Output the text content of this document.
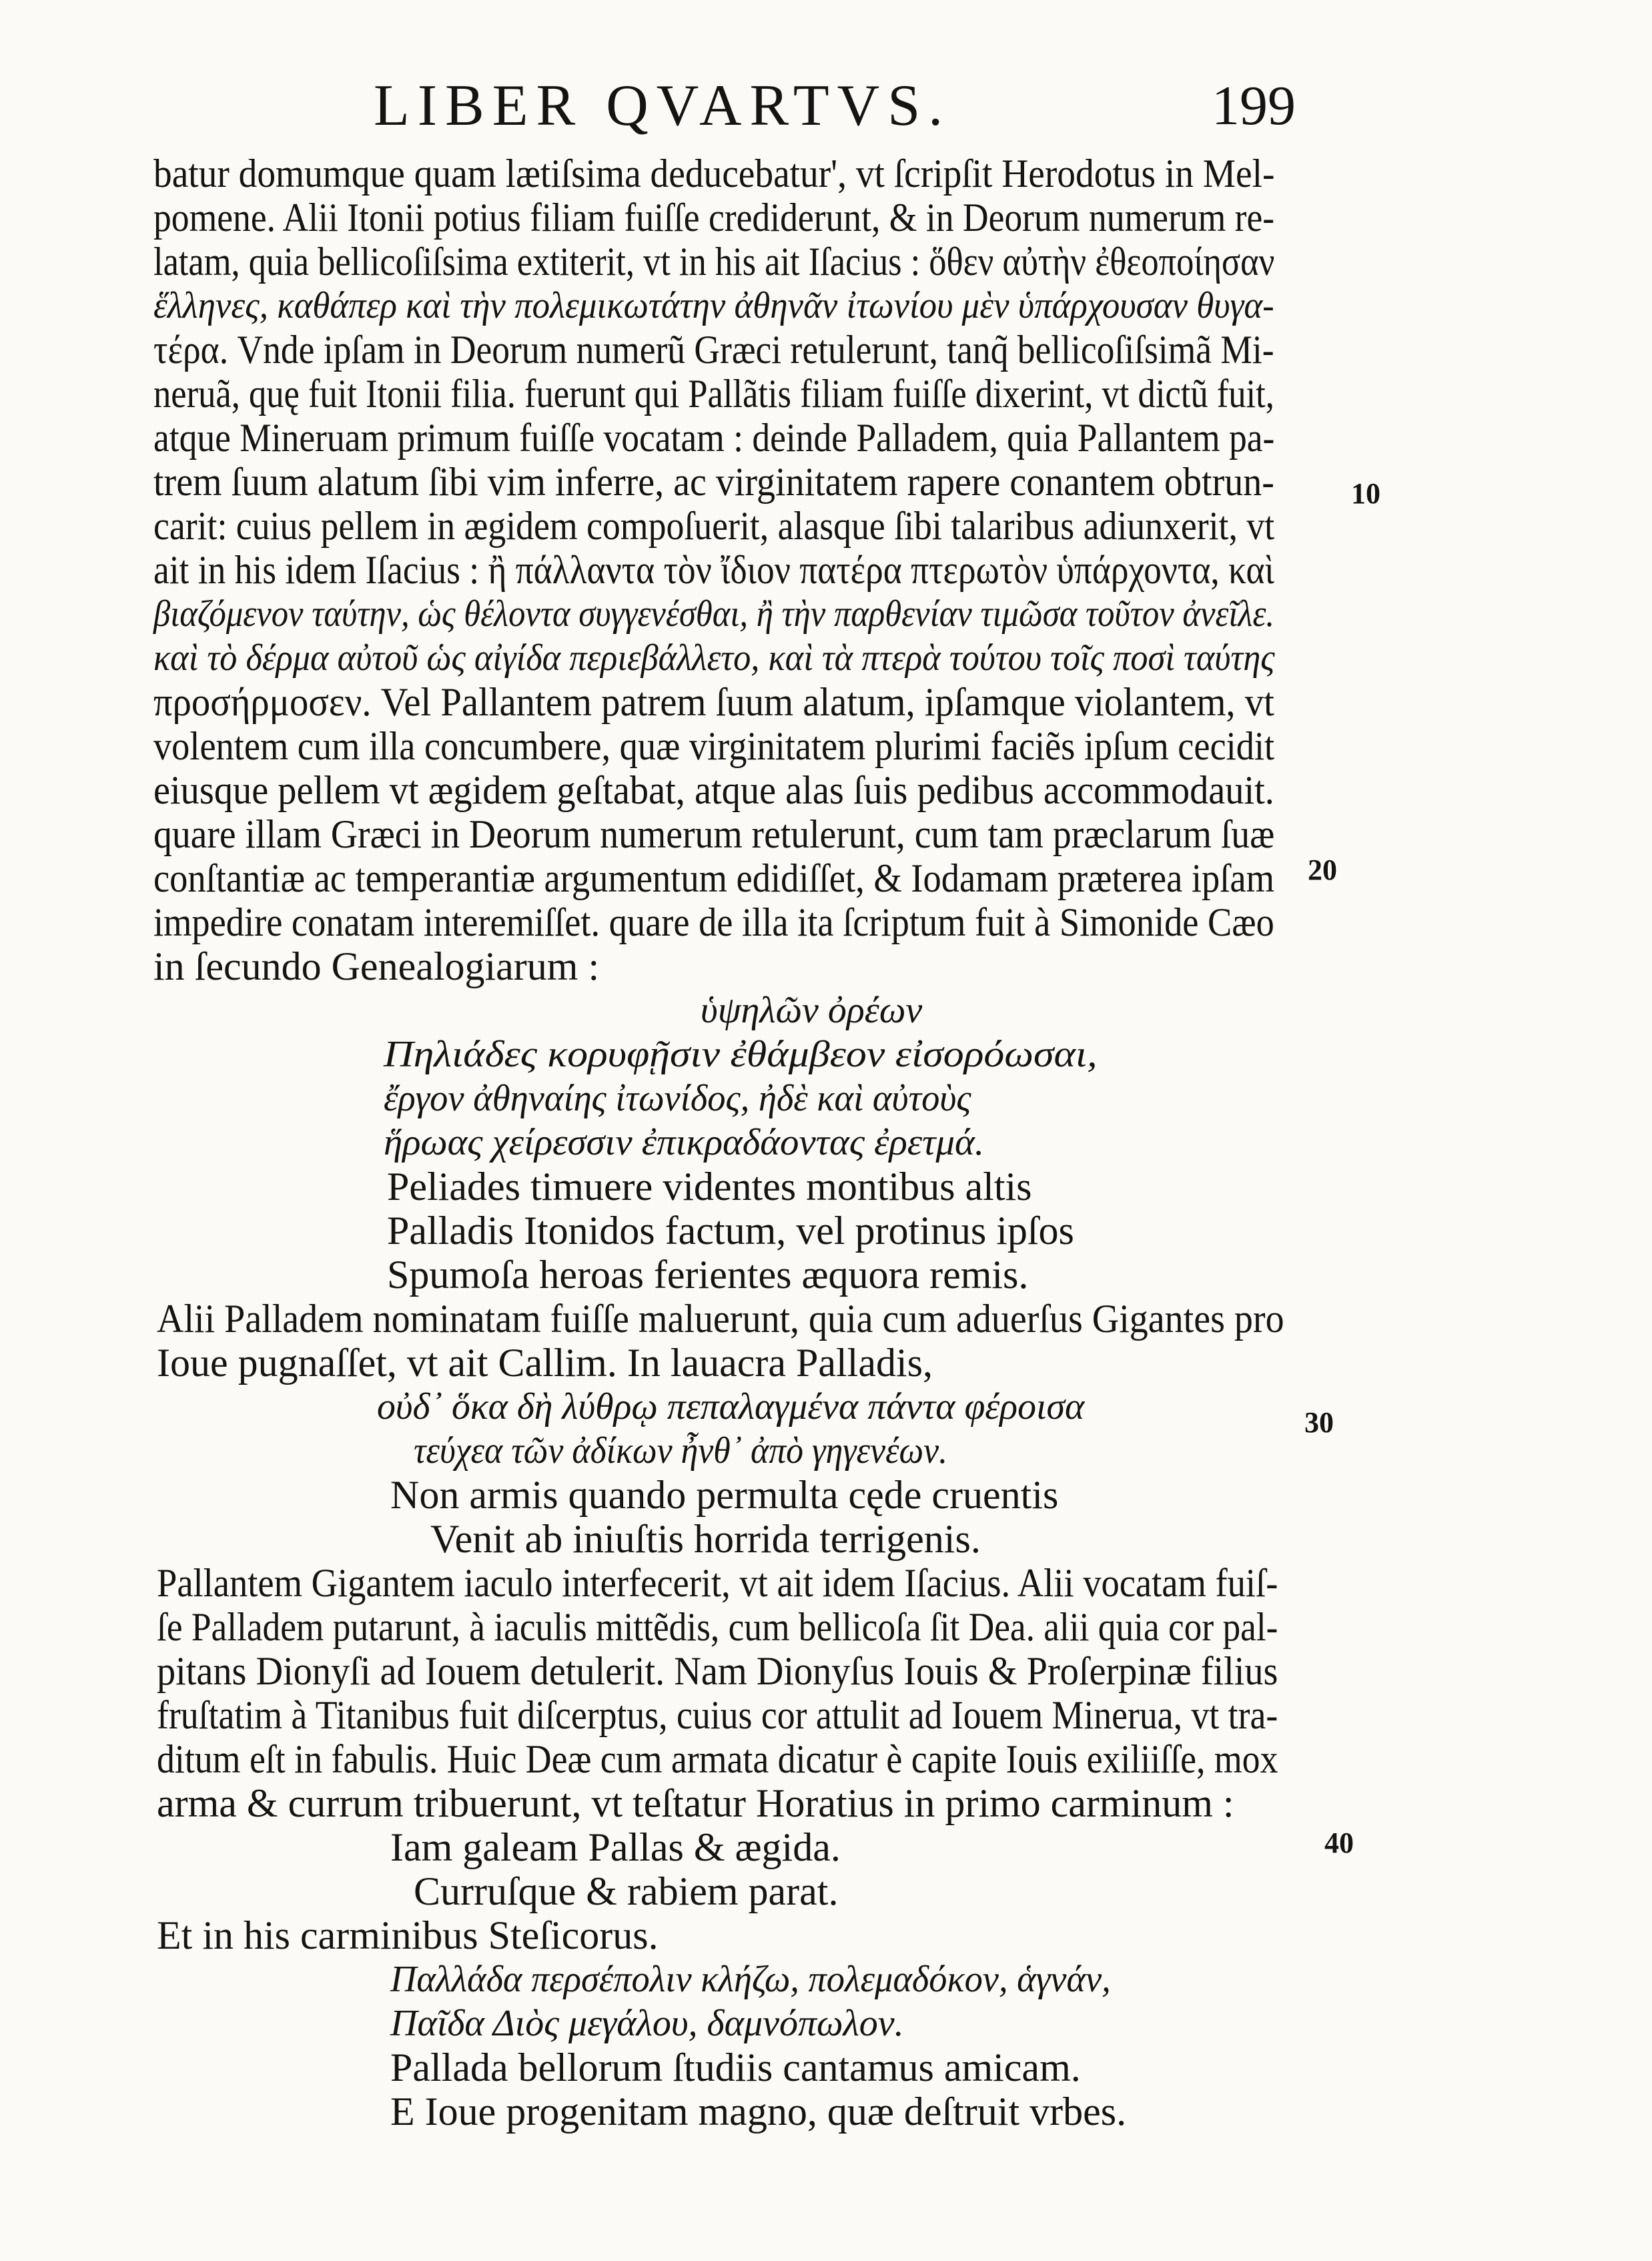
LIBER QVARTVS.	199
batur domumque quam lætiſsima deducebatur', vt ſcripſit Herodotus in Mel-
pomene. Alii Itonii potius filiam fuiſſe crediderunt, & in Deorum numerum re-
latam, quia bellicoſiſsima extiterit, vt in his ait Iſacius : ὅθεν αὐτὴν ἐθεοποίησαν
ἕλληνες, καθάπερ καὶ τὴν πολεμικωτάτην ἀθηνᾶν ἰτωνίου μὲν ὑπάρχουσαν θυγα-
τέρα. Vnde ipſam in Deorum numerũ Græci retulerunt, tanq̃ bellicoſiſsimã Mi-
neruã, quę fuit Itonii filia. fuerunt qui Pallãtis filiam fuiſſe dixerint, vt dictũ fuit,
atque Mineruam primum fuiſſe vocatam : deinde Palladem, quia Pallantem pa-
trem ſuum alatum ſibi vim inferre, ac virginitatem rapere conantem obtrun-
carit: cuius pellem in ægidem compoſuerit, alasque ſibi talaribus adiunxerit, vt
ait in his idem Iſacius : ἢ πάλλαντα τὸν ἴδιον πατέρα πτερωτὸν ὑπάρχοντα, καὶ
βιαζόμενον ταύτην, ὡς θέλοντα συγγενέσθαι, ἢ τὴν παρθενίαν τιμῶσα τοῦτον ἀνεῖλε.
καὶ τὸ δέρμα αὐτοῦ ὡς αἰγίδα περιεβάλλετο, καὶ τὰ πτερὰ τούτου τοῖς ποσὶ ταύτης
προσήρμοσεν. Vel Pallantem patrem ſuum alatum, ipſamque violantem, vt
volentem cum illa concumbere, quæ virginitatem plurimi faciẽs ipſum cecidit
eiusque pellem vt ægidem geſtabat, atque alas ſuis pedibus accommodauit.
quare illam Græci in Deorum numerum retulerunt, cum tam præclarum ſuæ
conſtantiæ ac temperantiæ argumentum edidiſſet, & Iodamam præterea ipſam
impedire conatam interemiſſet. quare de illa ita ſcriptum fuit à Simonide Cæo
in ſecundo Genealogiarum :
ὑψηλῶν ὀρέων
Πηλιάδες κορυφῇσιν ἐθάμβεον εἰσορόωσαι,
ἔργον ἀθηναίης ἰτωνίδος, ἠδὲ καὶ αὐτοὺς
ἥρωας χείρεσσιν ἐπικραδάοντας ἐρετμά.
Peliades timuere videntes montibus altis
Palladis Itonidos factum, vel protinus ipſos
Spumoſa heroas ferientes æquora remis.
Alii Palladem nominatam fuiſſe maluerunt, quia cum aduerſus Gigantes pro
Ioue pugnaſſet, vt ait Callim. In lauacra Palladis,
οὐδ᾽ ὅκα δὴ λύθρῳ πεπαλαγμένα πάντα φέροισα
τεύχεα τῶν ἀδίκων ἦνθ᾽ ἀπὸ γηγενέων.
Non armis quando permulta cęde cruentis
Venit ab iniuſtis horrida terrigenis.
Pallantem Gigantem iaculo interfecerit, vt ait idem Iſacius. Alii vocatam fuiſ-
ſe Palladem putarunt, à iaculis mittẽdis, cum bellicoſa ſit Dea. alii quia cor pal-
pitans Dionyſi ad Iouem detulerit. Nam Dionyſus Iouis & Proſerpinæ filius
fruſtatim à Titanibus fuit diſcerptus, cuius cor attulit ad Iouem Minerua, vt tra-
ditum eſt in fabulis. Huic Deæ cum armata dicatur è capite Iouis exiliiſſe, mox
arma & currum tribuerunt, vt teſtatur Horatius in primo carminum :
Iam galeam Pallas & ægida.
Curruſque & rabiem parat.
Et in his carminibus Steſicorus.
Παλλάδα περσέπολιν κλήζω, πολεμαδόκον, ἁγνάν,
Παῖδα Διὸς μεγάλου, δαμνόπωλον.
Pallada bellorum ſtudiis cantamus amicam.
E Ioue progenitam magno, quæ deſtruit vrbes.
10
20
30
40
